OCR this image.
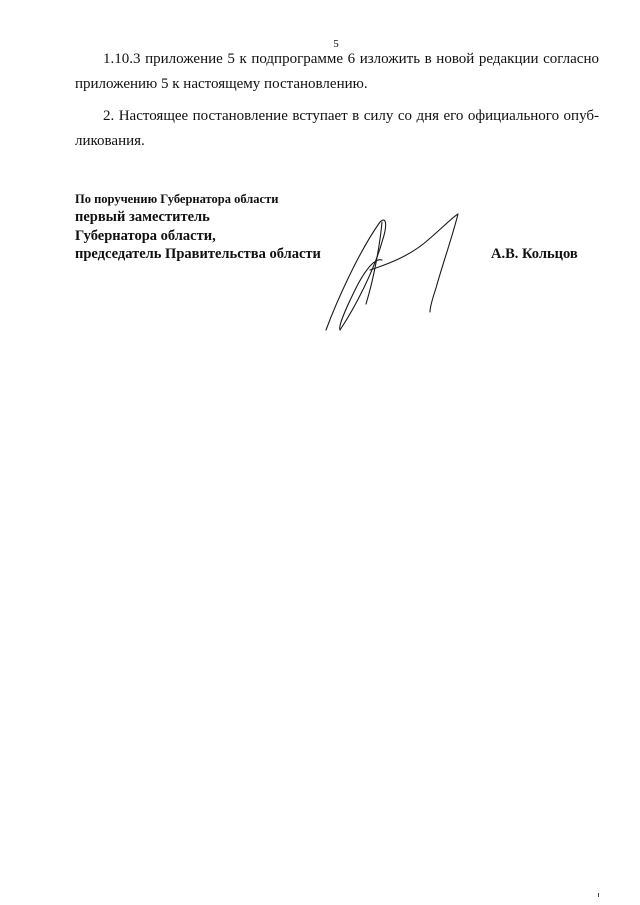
5

1.10.3 приложение 5 к подпрограмме 6 изложить в новой редакции согласно приложению 5 к настоящему постановлению.

2. Настоящее постановление вступает в силу со дня его официального опуб-ликования.

По поручению Губернатора области
первый заместитель
Губернатора области,
председатель Правительства области	А.В. Кольцов
